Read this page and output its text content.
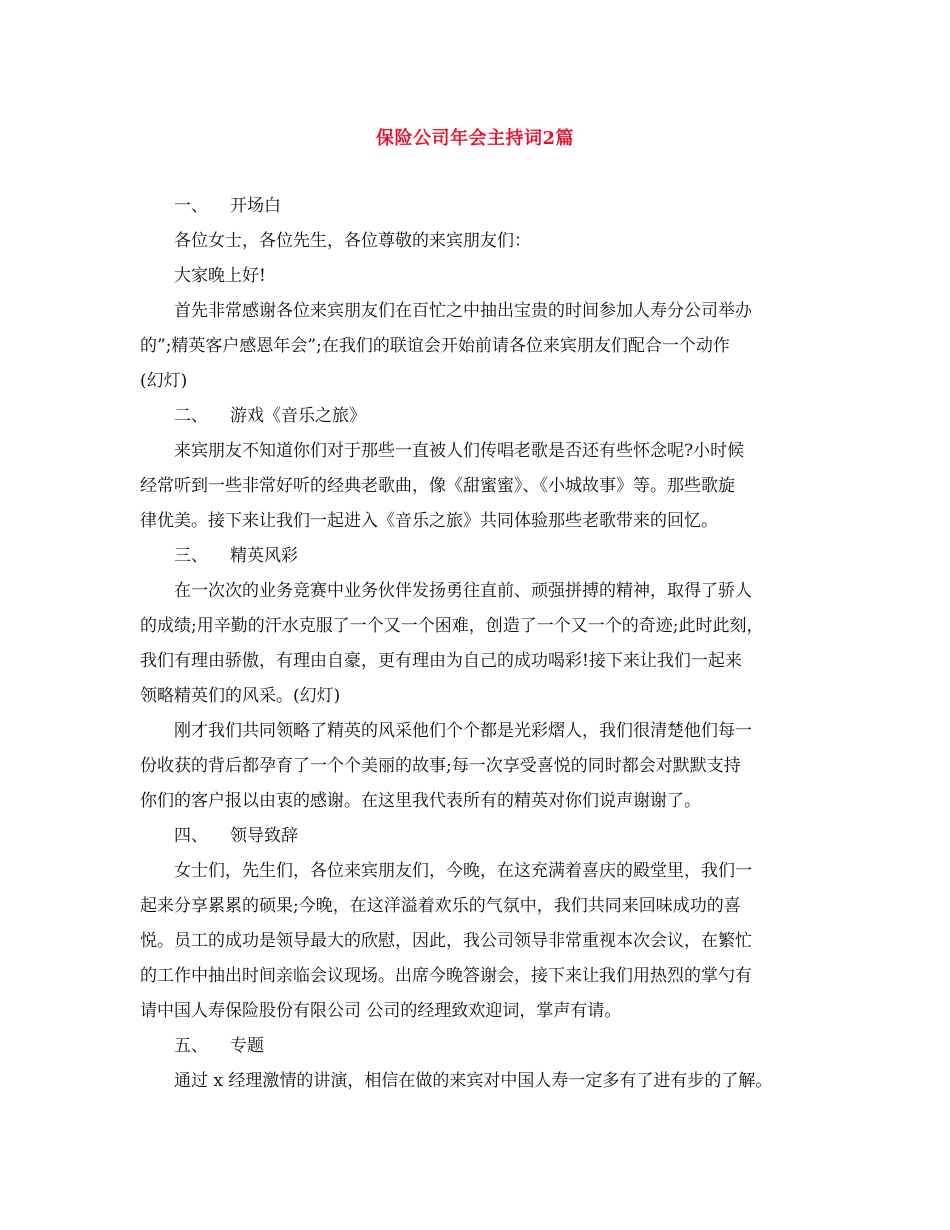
保险公司年会主持词2篇
一、 开场白
各位女士，各位先生，各位尊敬的来宾朋友们：
大家晚上好!
首先非常感谢各位来宾朋友们在百忙之中抽出宝贵的时间参加人寿分公司举办
的”;精英客户感恩年会”;在我们的联谊会开始前请各位来宾朋友们配合一个动作
(幻灯)
二、 游戏《音乐之旅》
来宾朋友不知道你们对于那些一直被人们传唱老歌是否还有些怀念呢?小时候
经常听到一些非常好听的经典老歌曲，像《甜蜜蜜》、《小城故事》等。那些歌旋
律优美。接下来让我们一起进入《音乐之旅》共同体验那些老歌带来的回忆。
三、 精英风彩
在一次次的业务竞赛中业务伙伴发扬勇往直前、顽强拼搏的精神，取得了骄人
的成绩;用辛勤的汗水克服了一个又一个困难，创造了一个又一个的奇迹;此时此刻，
我们有理由骄傲，有理由自豪，更有理由为自己的成功喝彩!接下来让我们一起来
领略精英们的风采。(幻灯)
刚才我们共同领略了精英的风采他们个个都是光彩熠人，我们很清楚他们每一
份收获的背后都孕育了一个个美丽的故事;每一次享受喜悦的同时都会对默默支持
你们的客户报以由衷的感谢。在这里我代表所有的精英对你们说声谢谢了。
四、 领导致辞
女士们，先生们，各位来宾朋友们，今晚，在这充满着喜庆的殿堂里，我们一
起来分享累累的硕果;今晚，在这洋溢着欢乐的气氛中，我们共同来回味成功的喜
悦。员工的成功是领导最大的欣慰，因此，我公司领导非常重视本次会议，在繁忙
的工作中抽出时间亲临会议现场。出席今晚答谢会，接下来让我们用热烈的掌勺有
请中国人寿保险股份有限公司 公司的经理致欢迎词，掌声有请。
五、 专题
通过 x 经理激情的讲演，相信在做的来宾对中国人寿一定多有了进有步的了解。
